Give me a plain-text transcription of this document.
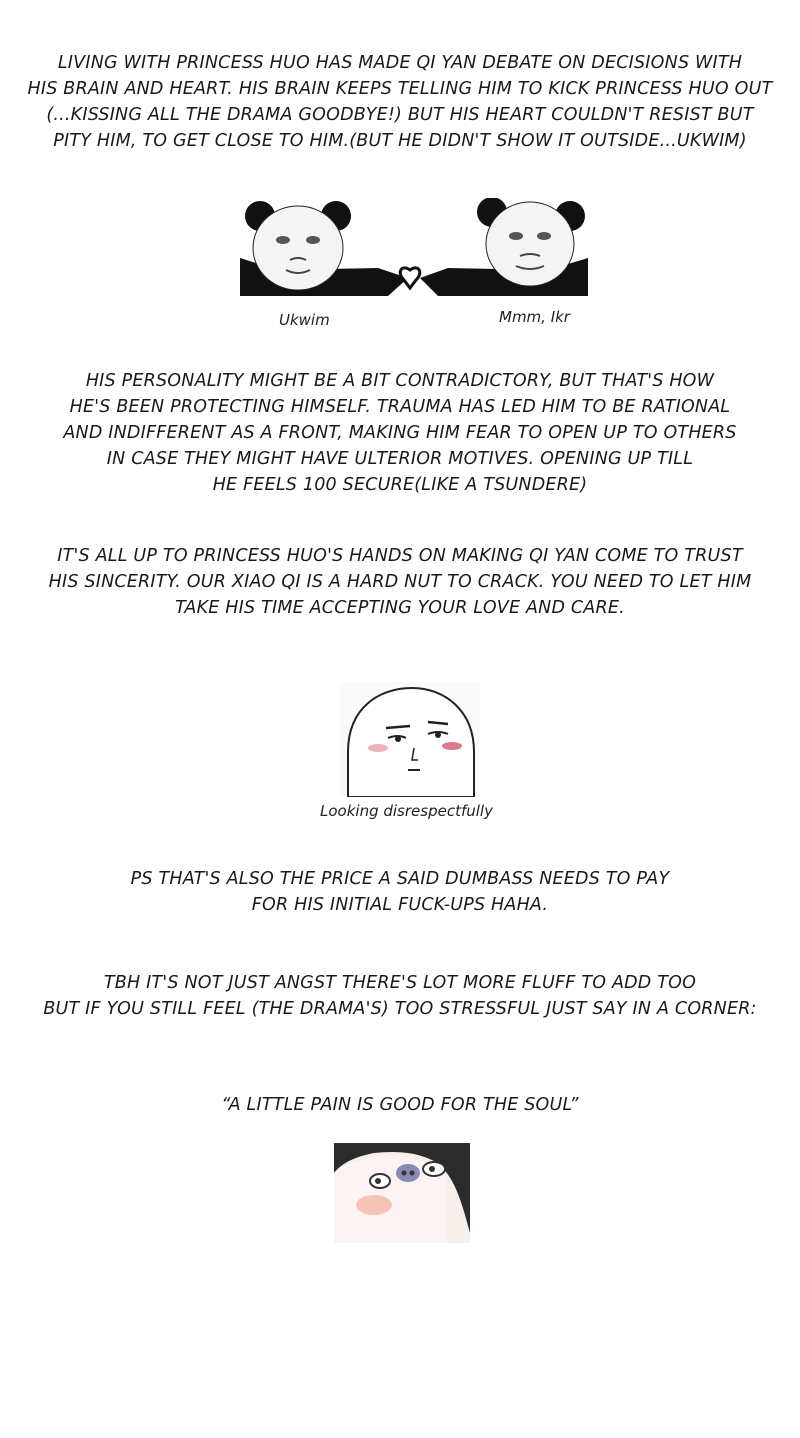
LIVING WITH PRINCESS HUO HAS MADE QI YAN DEBATE ON DECISIONS WITH
HIS BRAIN AND HEART. HIS BRAIN KEEPS TELLING HIM TO KICK PRINCESS HUO OUT
(...KISSING ALL THE DRAMA GOODBYE!) BUT HIS HEART COULDN'T RESIST BUT
PITY HIM, TO GET CLOSE TO HIM.(BUT HE DIDN'T SHOW IT OUTSIDE...UKWIM)
Ukwim	Mmm, Ikr
HIS PERSONALITY MIGHT BE A BIT CONTRADICTORY, BUT THAT'S HOW
HE'S BEEN PROTECTING HIMSELF. TRAUMA HAS LED HIM TO BE RATIONAL
AND INDIFFERENT AS A FRONT, MAKING HIM FEAR TO OPEN UP TO OTHERS
IN CASE THEY MIGHT HAVE ULTERIOR MOTIVES. OPENING UP TILL
HE FEELS 100 SECURE(LIKE A TSUNDERE)
IT'S ALL UP TO PRINCESS HUO'S HANDS ON MAKING QI YAN COME TO TRUST
HIS SINCERITY. OUR XIAO QI IS A HARD NUT TO CRACK. YOU NEED TO LET HIM
TAKE HIS TIME ACCEPTING YOUR LOVE AND CARE.
Looking disrespectfully
PS THAT'S ALSO THE PRICE A SAID DUMBASS NEEDS TO PAY
FOR HIS INITIAL FUCK-UPS HAHA.
TBH IT'S NOT JUST ANGST THERE'S LOT MORE FLUFF TO ADD TOO
BUT IF YOU STILL FEEL (THE DRAMA'S) TOO STRESSFUL JUST SAY IN A CORNER:
“A LITTLE PAIN IS GOOD FOR THE SOUL”
